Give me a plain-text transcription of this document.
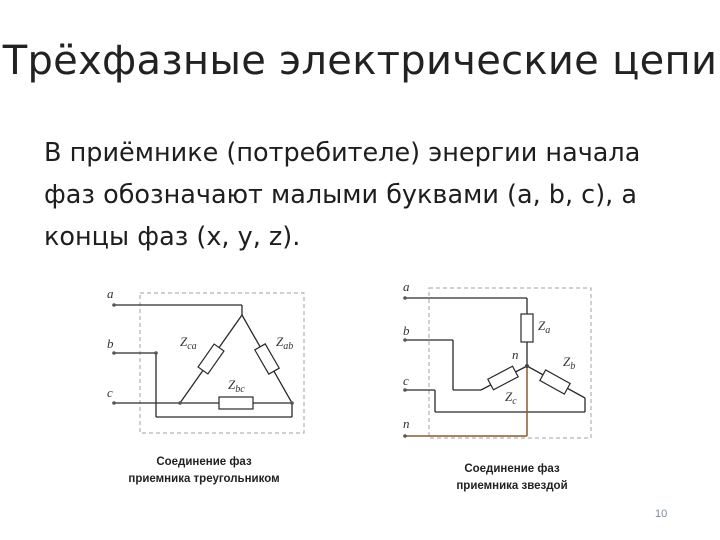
Трёхфазные электрические цепи
В приёмнике (потребителе) энергии начала
фаз обозначают малыми буквами (a, b, c), а
концы фаз (x, y, z).
a
b
c
$Z_{ca}$	$Z_{ab}$
$Z_{bc}$
Соединение фаз
приемника треугольником
a
b
c
n
n
$Z_a$
$Z_b$
$Z_c$
Соединение фаз
приемника звездой
10
